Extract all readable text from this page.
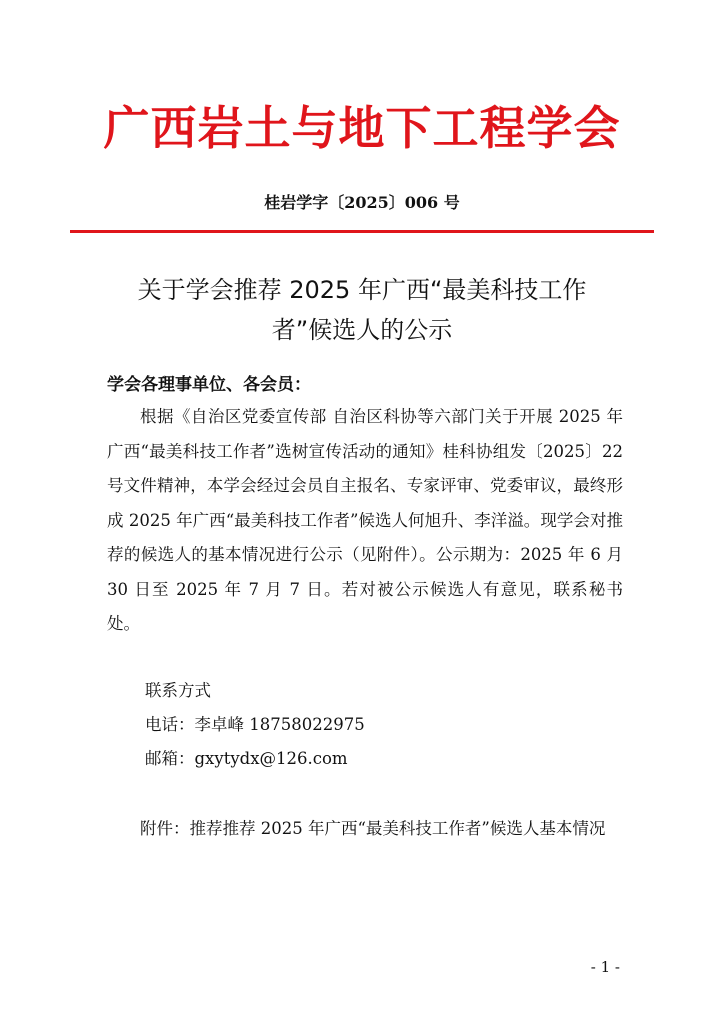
广西岩土与地下工程学会
桂岩学字〔2025〕006 号
关于学会推荐 2025 年广西“最美科技工作
者”候选人的公示
学会各理事单位、各会员：
根据《自治区党委宣传部 自治区科协等六部门关于开展 2025 年广西“最美科技工作者”选树宣传活动的通知》桂科协组发〔2025〕22 号文件精神，本学会经过会员自主报名、专家评审、党委审议，最终形成 2025 年广西“最美科技工作者”候选人何旭升、李洋溢。现学会对推荐的候选人的基本情况进行公示（见附件）。公示期为：2025 年 6 月 30 日至 2025 年 7 月 7 日。若对被公示候选人有意见，联系秘书处。
联系方式
电话：李卓峰 18758022975
邮箱：gxytydx@126.com
附件：推荐推荐 2025 年广西“最美科技工作者”候选人基本情况
- 1 -
